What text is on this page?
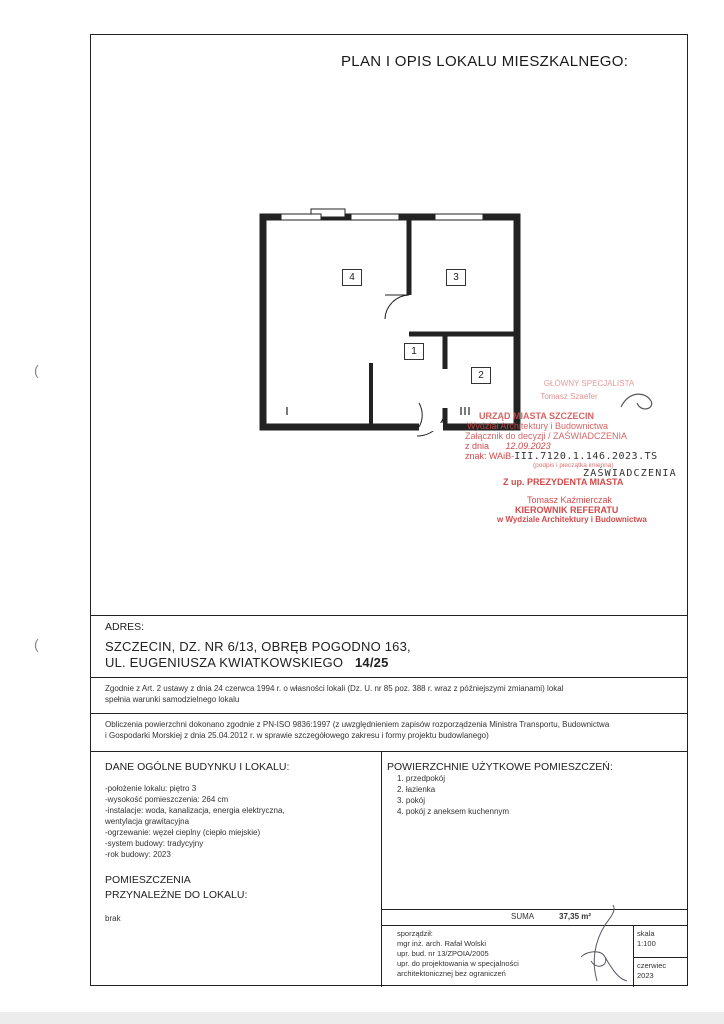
(
(
PLAN I OPIS LOKALU MIESZKALNEGO:
4	3
1
2
GŁÓWNY SPECJALISTA
Tomasz Szaefer
URZĄD MIASTA SZCZECIN
Wydział Architektury i Budownictwa
Załącznik do decyzji / ZAŚWIADCZENIA
z dnia 12.09.2023
znak: WAiB-III.7120.1.146.2023.TS
(podpis i pieczątka imienna)
Z up. PREZYDENTA MIASTA
Tomasz Kaźmierczak
KIEROWNIK REFERATU
w Wydziale Architektury i Budownictwa
ZAŚWIADCZENIA
ADRES:
SZCZECIN, DZ. NR 6/13, OBRĘB POGODNO 163,
UL. EUGENIUSZA KWIATKOWSKIEGO 14/25
Zgodnie z Art. 2 ustawy z dnia 24 czerwca 1994 r. o własności lokali (Dz. U. nr 85 poz. 388 r. wraz z późniejszymi zmianami) lokal
spełnia warunki samodzielnego lokalu
Obliczenia powierzchni dokonano zgodnie z PN-ISO 9836:1997 (z uwzględnieniem zapisów rozporządzenia Ministra Transportu, Budownictwa
i Gospodarki Morskiej z dnia 25.04.2012 r. w sprawie szczegółowego zakresu i formy projektu budowlanego)
DANE OGÓLNE BUDYNKU I LOKALU:
-położenie lokalu: piętro 3
-wysokość pomieszczenia: 264 cm
-instalacje: woda, kanalizacja, energia elektryczna,
wentylacja grawitacyjna
-ogrzewanie: węzeł cieplny (ciepło miejskie)
-system budowy: tradycyjny
-rok budowy: 2023
POMIESZCZENIA
PRZYNALEŻNE DO LOKALU:
brak
POWIERZCHNIE UŻYTKOWE POMIESZCZEŃ:
1. przedpokój
2. łazienka
3. pokój
4. pokój z aneksem kuchennym
SUMA	37,35 m²
sporządził:
mgr inż. arch. Rafał Wolski
upr. bud. nr 13/ZPOIA/2005
upr. do projektowania w specjalności
architektonicznej bez ograniczeń
skala
1:100
czerwiec
2023
